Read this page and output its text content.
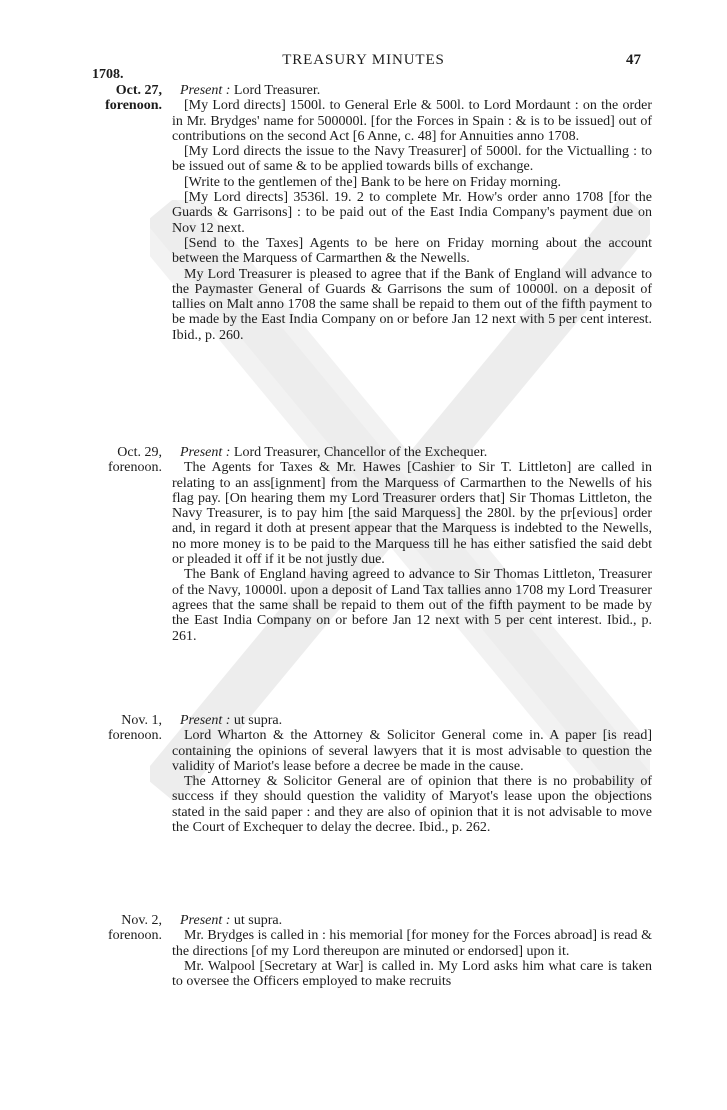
TREASURY MINUTES	47
1708.
Oct. 27,
forenoon.

Present : Lord Treasurer.

[My Lord directs] 1500l. to General Erle & 500l. to Lord Mordaunt : on the order in Mr. Brydges' name for 500000l. [for the Forces in Spain : & is to be issued] out of contributions on the second Act [6 Anne, c. 48] for Annuities anno 1708.

[My Lord directs the issue to the Navy Treasurer] of 5000l. for the Victualling : to be issued out of same & to be applied towards bills of exchange.

[Write to the gentlemen of the] Bank to be here on Friday morning.

[My Lord directs] 3536l. 19. 2 to complete Mr. How's order anno 1708 [for the Guards & Garrisons] : to be paid out of the East India Company's payment due on Nov 12 next.

[Send to the Taxes] Agents to be here on Friday morning about the account between the Marquess of Carmarthen & the Newells.

My Lord Treasurer is pleased to agree that if the Bank of England will advance to the Paymaster General of Guards & Garrisons the sum of 10000l. on a deposit of tallies on Malt anno 1708 the same shall be repaid to them out of the fifth payment to be made by the East India Company on or before Jan 12 next with 5 per cent interest. Ibid., p. 260.

Oct. 29,
forenoon.

Present : Lord Treasurer, Chancellor of the Exchequer.

The Agents for Taxes & Mr. Hawes [Cashier to Sir T. Littleton] are called in relating to an ass[ignment] from the Marquess of Carmarthen to the Newells of his flag pay. [On hearing them my Lord Treasurer orders that] Sir Thomas Littleton, the Navy Treasurer, is to pay him [the said Marquess] the 280l. by the pr[evious] order and, in regard it doth at present appear that the Marquess is indebted to the Newells, no more money is to be paid to the Marquess till he has either satisfied the said debt or pleaded it off if it be not justly due.

The Bank of England having agreed to advance to Sir Thomas Littleton, Treasurer of the Navy, 10000l. upon a deposit of Land Tax tallies anno 1708 my Lord Treasurer agrees that the same shall be repaid to them out of the fifth payment to be made by the East India Company on or before Jan 12 next with 5 per cent interest. Ibid., p. 261.

Nov. 1,
forenoon.

Present : ut supra.

Lord Wharton & the Attorney & Solicitor General come in. A paper [is read] containing the opinions of several lawyers that it is most advisable to question the validity of Mariot's lease before a decree be made in the cause.

The Attorney & Solicitor General are of opinion that there is no probability of success if they should question the validity of Maryot's lease upon the objections stated in the said paper : and they are also of opinion that it is not advisable to move the Court of Exchequer to delay the decree. Ibid., p. 262.

Nov. 2,
forenoon.

Present : ut supra.

Mr. Brydges is called in : his memorial [for money for the Forces abroad] is read & the directions [of my Lord thereupon are minuted or endorsed] upon it.

Mr. Walpool [Secretary at War] is called in. My Lord asks him what care is taken to oversee the Officers employed to make recruits
